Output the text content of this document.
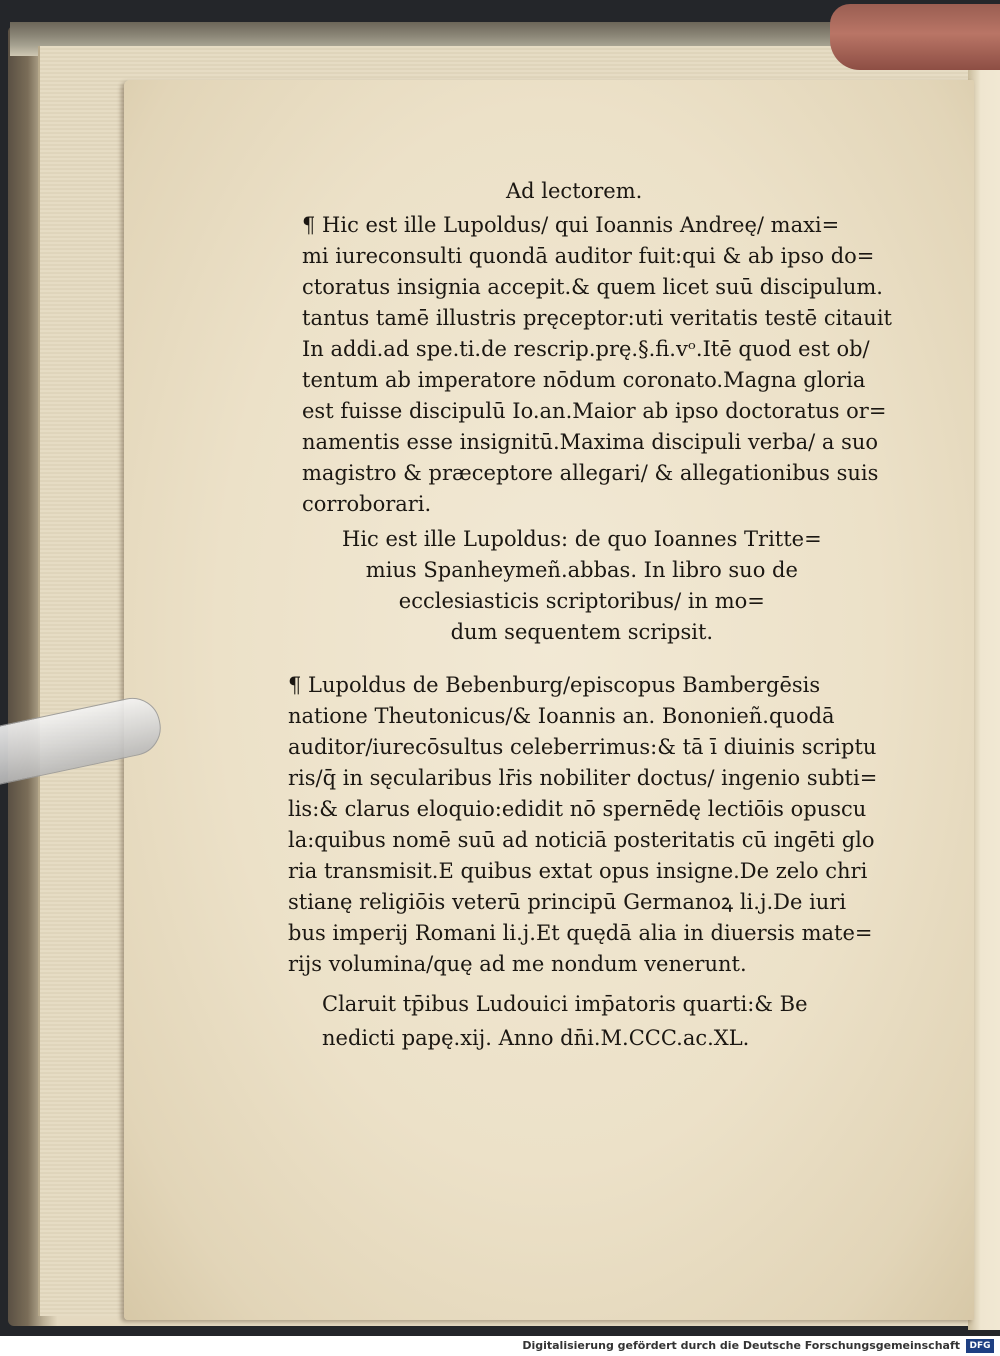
Ad lectorem.
¶ Hic est ille Lupoldus/ qui Ioannis Andreę/ maxi=
mi iureconsulti quondā auditor fuit:qui & ab ipso do=
ctoratus insignia accepit.& quem licet suū discipulum.
tantus tamē illustris pręceptor:uti veritatis testē citauit
In addi.ad spe.ti.de rescrip.prę.§.fi.vᵒ.Itē quod est ob/
tentum ab imperatore nōdum coronato.Magna gloria
est fuisse discipulū Io.an.Maior ab ipso doctoratus or=
namentis esse insignitū.Maxima discipuli verba/ a suo
magistro & præceptore allegari/ & allegationibus suis
corroborari.
Hic est ille Lupoldus: de quo Ioannes Tritte=
mius Spanheymeñ.abbas. In libro suo de
ecclesiasticis scriptoribus/ in mo=
dum sequentem scripsit.
¶ Lupoldus de Bebenburg/episcopus Bambergēsis
natione Theutonicus/& Ioannis an. Bononieñ.quodā
auditor/iurecōsultus celeberrimus:& tā ī diuinis scriptu
ris/q̄ in sęcularibus lr̄is nobiliter doctus/ ingenio subti=
lis:& clarus eloquio:edidit nō spernēdę lectiōis opuscu
la:quibus nomē suū ad noticiā posteritatis cū ingēti glo
ria transmisit.E quibus extat opus insigne.De zelo chri
stianę religiōis veterū principū Germanoꝝ li.j.De iuri
bus imperij Romani li.j.Et quędā alia in diuersis mate=
rijs volumina/quę ad me nondum venerunt.
Claruit tp̄ibus Ludouici imp̄atoris quarti:& Be
nedicti papę.xij. Anno dn̄i.M.CCC.ac.XL.
Digitalisierung gefördert durch die Deutsche Forschungsgemeinschaft	DFG
